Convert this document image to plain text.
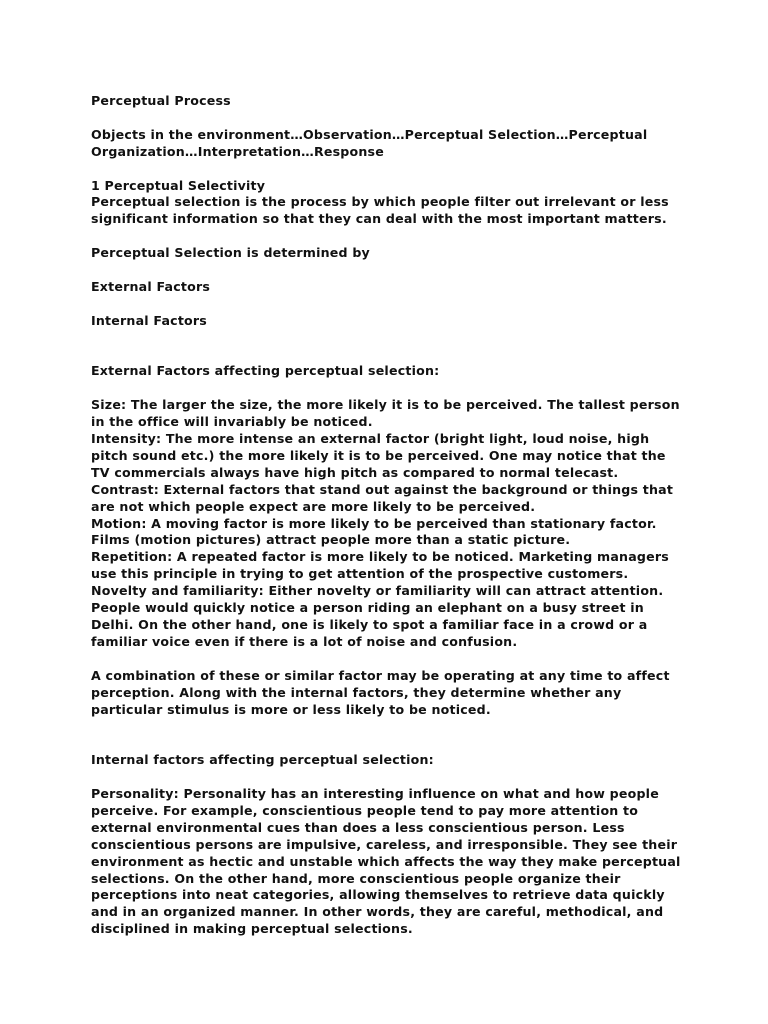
Perceptual Process

Objects in the environment…Observation…Perceptual Selection…Perceptual Organization…Interpretation…Response

1 Perceptual Selectivity

Perceptual selection is the process by which people filter out irrelevant or less significant information so that they can deal with the most important matters.

Perceptual Selection is determined by

External Factors

Internal Factors

External Factors affecting perceptual selection:

Size: The larger the size, the more likely it is to be perceived. The tallest person in the office will invariably be noticed.

Intensity: The more intense an external factor (bright light, loud noise, high pitch sound etc.) the more likely it is to be perceived. One may notice that the TV commercials always have high pitch as compared to normal telecast.

Contrast: External factors that stand out against the background or things that are not which people expect are more likely to be perceived.

Motion: A moving factor is more likely to be perceived than stationary factor. Films (motion pictures) attract people more than a static picture.

Repetition: A repeated factor is more likely to be noticed. Marketing managers use this principle in trying to get attention of the prospective customers.

Novelty and familiarity: Either novelty or familiarity will can attract attention. People would quickly notice a person riding an elephant on a busy street in Delhi. On the other hand, one is likely to spot a familiar face in a crowd or a familiar voice even if there is a lot of noise and confusion.

A combination of these or similar factor may be operating at any time to affect perception. Along with the internal factors, they determine whether any particular stimulus is more or less likely to be noticed.

Internal factors affecting perceptual selection:

Personality: Personality has an interesting influence on what and how people perceive. For example, conscientious people tend to pay more attention to external environmental cues than does a less conscientious person. Less conscientious persons are impulsive, careless, and irresponsible. They see their environment as hectic and unstable which affects the way they make perceptual selections. On the other hand, more conscientious people organize their perceptions into neat categories, allowing themselves to retrieve data quickly and in an organized manner. In other words, they are careful, methodical, and disciplined in making perceptual selections.
